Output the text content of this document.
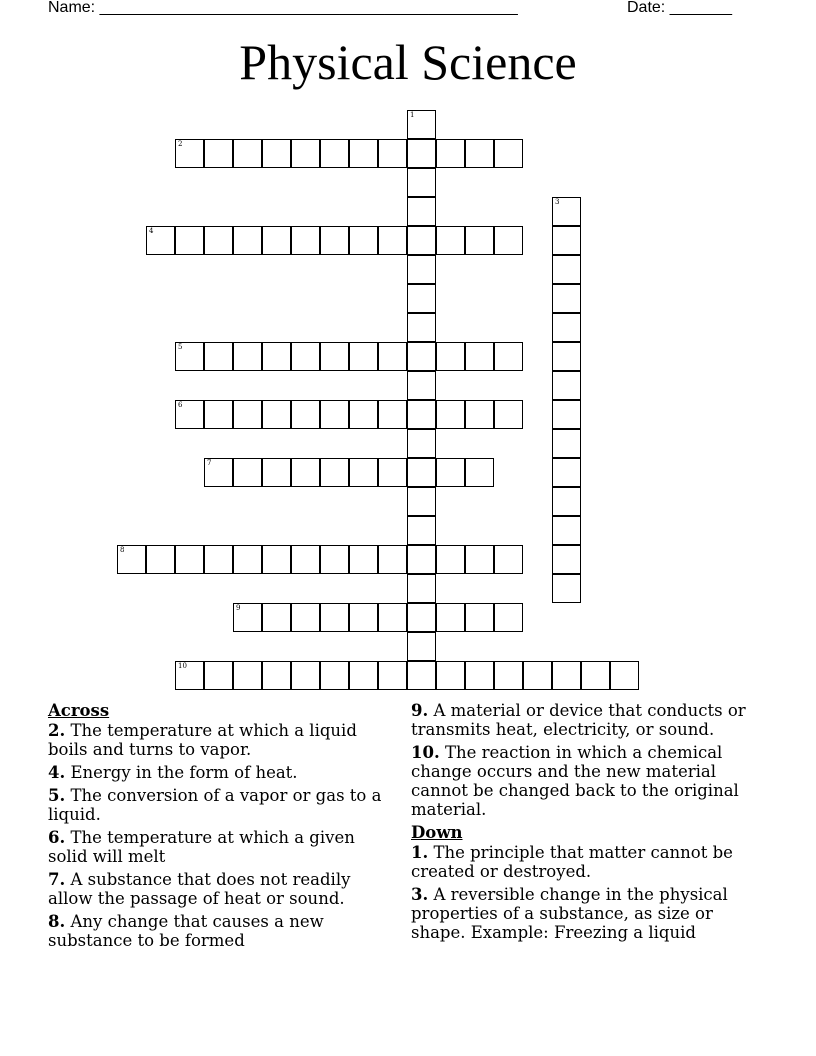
Name: _______________________________________________	Date: _______
Physical Science
2
4
5
6
7
8
9
10
1
3
Across
2. The temperature at which a liquid boils and turns to vapor.
4. Energy in the form of heat.
5. The conversion of a vapor or gas to a liquid.
6. The temperature at which a given solid will melt
7. A substance that does not readily allow the passage of heat or sound.
8. Any change that causes a new substance to be formed
9. A material or device that conducts or transmits heat, electricity, or sound.
10. The reaction in which a chemical change occurs and the new material cannot be changed back to the original material.
Down
1. The principle that matter cannot be created or destroyed.
3. A reversible change in the physical properties of a substance, as size or shape. Example: Freezing a liquid
